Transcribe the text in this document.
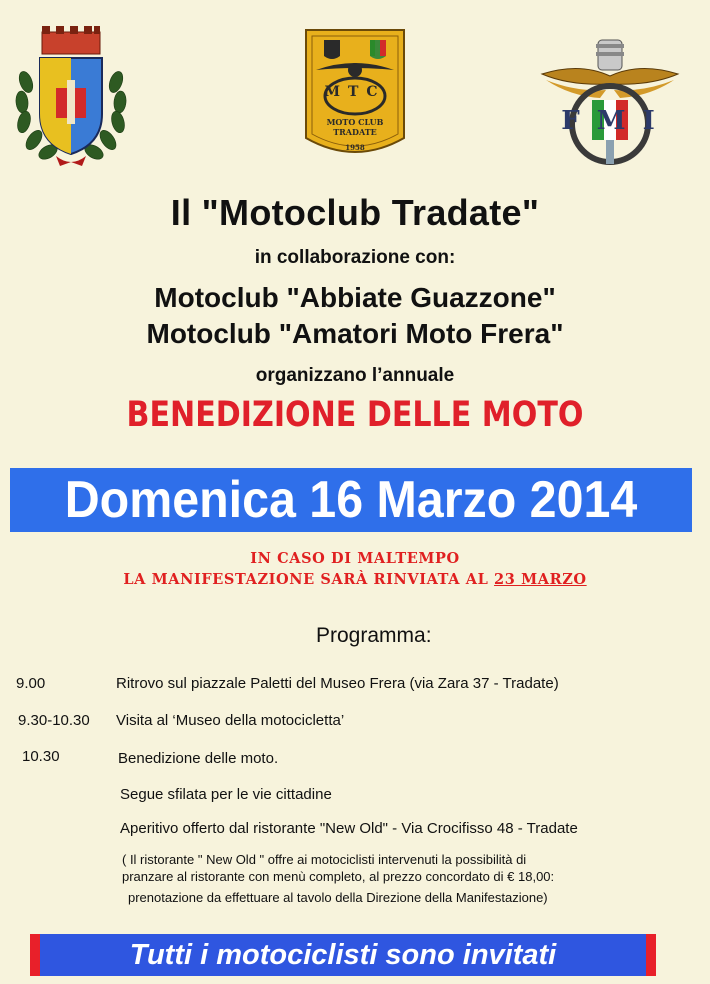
MTC
MOTO CLUB
TRADATE
1958
F M I
Il "Motoclub Tradate"
in collaborazione con:
Motoclub "Abbiate Guazzone"
Motoclub "Amatori Moto Frera"
organizzano l’annuale
BENEDIZIONE DELLE MOTO
Domenica 16 Marzo 2014
IN CASO DI MALTEMPO
LA MANIFESTAZIONE SARÀ RINVIATA AL 23 MARZO
Programma:
9.00	Ritrovo sul piazzale Paletti del Museo Frera (via Zara 37 - Tradate)
9.30-10.30 Visita al ‘Museo della motocicletta’
10.30	Benedizione delle moto.
Segue sfilata per le vie cittadine
Aperitivo offerto dal ristorante "New Old" - Via Crocifisso 48 - Tradate
( Il ristorante " New Old " offre ai motociclisti intervenuti la possibilità di
pranzare al ristorante con menù completo, al prezzo concordato di € 18,00:
prenotazione da effettuare al tavolo della Direzione della Manifestazione)
Tutti i motociclisti sono invitati
